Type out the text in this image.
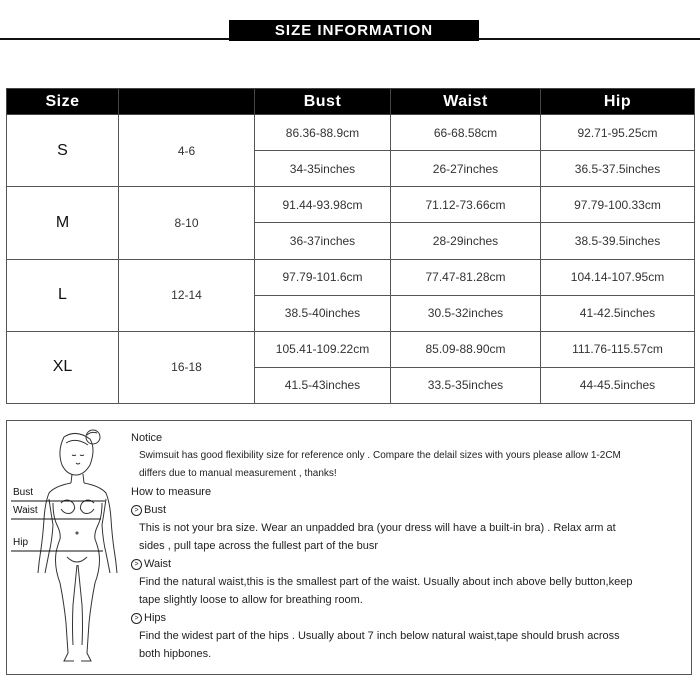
SIZE INFORMATION
Size		Bust	Waist	Hip
S	4-6	86.36-88.9cm	66-68.58cm	92.71-95.25cm
		34-35inches	26-27inches	36.5-37.5inches
M	8-10	91.44-93.98cm	71.12-73.66cm	97.79-100.33cm
		36-37inches	28-29inches	38.5-39.5inches
L	12-14	97.79-101.6cm	77.47-81.28cm	104.14-107.95cm
		38.5-40inches	30.5-32inches	41-42.5inches
XL	16-18	105.41-109.22cm	85.09-88.90cm	111.76-115.57cm
		41.5-43inches	33.5-35inches	44-45.5inches
Bust
Waist
Hip
Notice
Swimsuit has good flexibility size for reference only . Compare the delail sizes with yours please allow 1-2CM
differs due to manual measurement , thanks!
How to measure
> Bust
This is not your bra size. Wear an unpadded bra (your dress will have a built-in bra) . Relax arm at
sides , pull tape across the fullest part of the busr
> Waist
Find the natural waist,this is the smallest part of the waist. Usually about inch above belly button,keep
tape slightly loose to allow for breathing room.
> Hips
Find the widest part of the hips . Usually about 7 inch below natural waist,tape should brush across
both hipbones.
